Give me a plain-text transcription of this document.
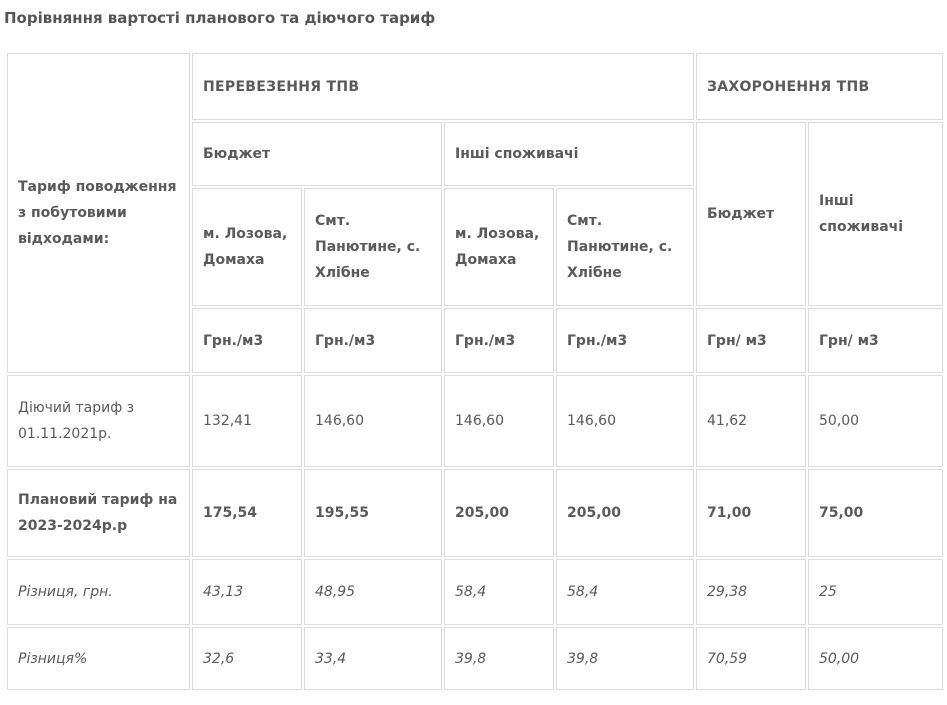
Порівняння вартості планового та діючого тариф
Тариф поводження з побутовими відходами:	ПЕРЕВЕЗЕННЯ ТПВ				ЗАХОРОНЕННЯ ТПВ	
	Бюджет		Інші споживачі		Бюджет	Інші споживачі
	м. Лозова, Домаха	Смт. Панютине, с. Хлібне	м. Лозова, Домаха	Смт. Панютине, с. Хлібне		
	Грн./м3	Грн./м3	Грн./м3	Грн./м3	Грн/ м3	Грн/ м3
Діючий тариф з 01.11.2021р.	132,41	146,60	146,60	146,60	41,62	50,00
Плановий тариф на 2023-2024р.р	175,54	195,55	205,00	205,00	71,00	75,00
Різниця, грн.	43,13	48,95	58,4	58,4	29,38	25
Різниця%	32,6	33,4	39,8	39,8	70,59	50,00
